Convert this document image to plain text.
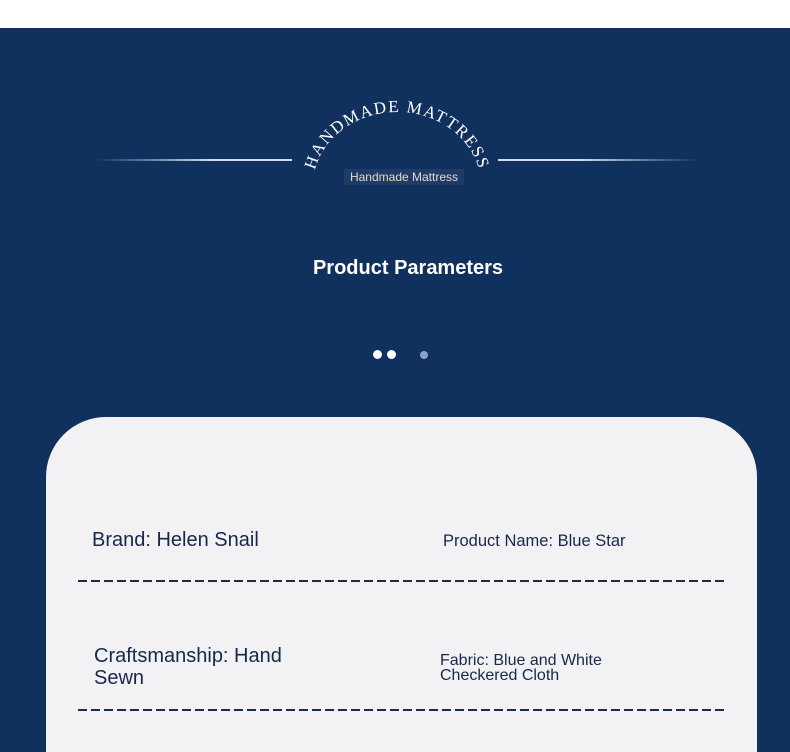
HANDMADE MATTRESS
Handmade Mattress
Product Parameters
Brand: Helen Snail	Product Name: Blue Star
Craftsmanship: Hand Sewn
Fabric: Blue and White Checkered Cloth
